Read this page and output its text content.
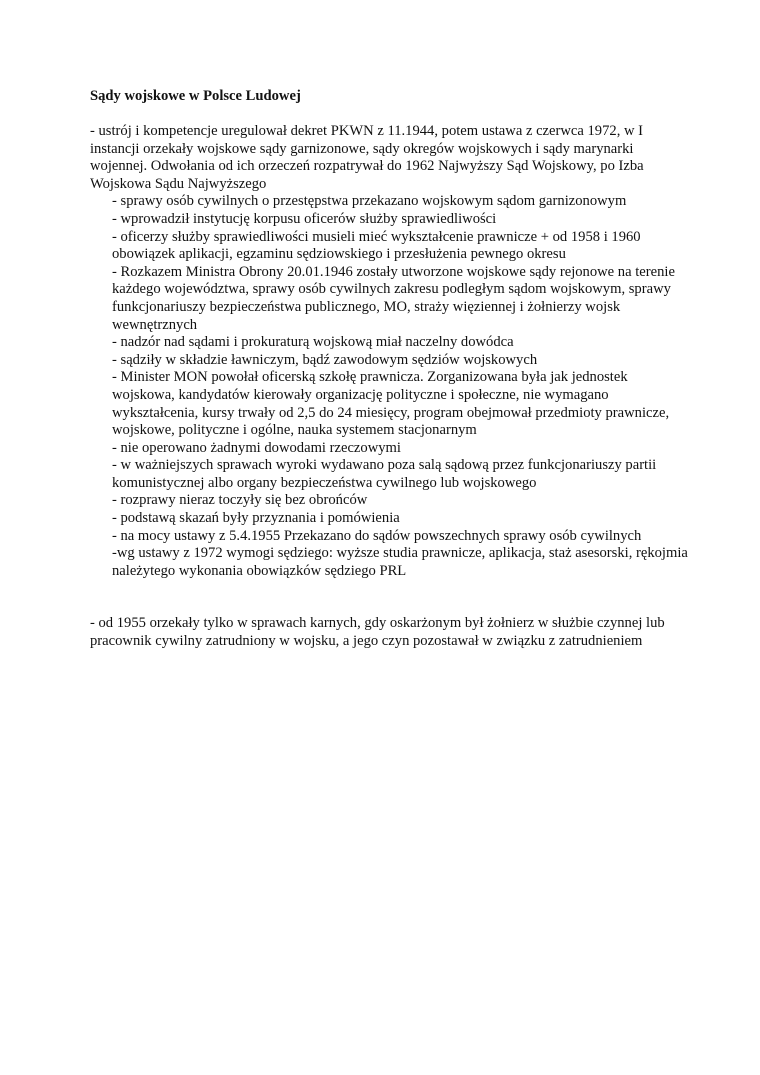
Sądy wojskowe w Polsce Ludowej

- ustrój i kompetencje uregulował dekret PKWN z 11.1944, potem ustawa z czerwca 1972, w I instancji orzekały wojskowe sądy garnizonowe, sądy okregów wojskowych i sądy marynarki wojennej. Odwołania od ich orzeczeń rozpatrywał do 1962 Najwyższy Sąd Wojskowy, po Izba Wojskowa Sądu Najwyższego

- sprawy osób cywilnych o przestępstwa przekazano wojskowym sądom garnizonowym
- wprowadził instytucję korpusu oficerów służby sprawiedliwości
- oficerzy służby sprawiedliwości musieli mieć wykształcenie prawnicze + od 1958 i 1960 obowiązek aplikacji, egzaminu sędziowskiego i przesłużenia pewnego okresu
- Rozkazem Ministra Obrony 20.01.1946 zostały utworzone wojskowe sądy rejonowe na terenie każdego województwa, sprawy osób cywilnych zakresu podległym sądom wojskowym, sprawy funkcjonariuszy bezpieczeństwa publicznego, MO, straży więziennej i żołnierzy wojsk wewnętrznych
- nadzór nad sądami i prokuraturą wojskową miał naczelny dowódca
- sądziły w składzie ławniczym, bądź zawodowym sędziów wojskowych
- Minister MON powołał oficerską szkołę prawnicza. Zorganizowana była jak jednostek wojskowa, kandydatów kierowały organizację polityczne i społeczne, nie wymagano wykształcenia, kursy trwały od 2,5 do 24 miesięcy, program obejmował przedmioty prawnicze, wojskowe, polityczne i ogólne, nauka systemem stacjonarnym
- nie operowano żadnymi dowodami rzeczowymi
- w ważniejszych sprawach wyroki wydawano poza salą sądową przez funkcjonariuszy partii komunistycznej albo organy bezpieczeństwa cywilnego lub wojskowego
- rozprawy nieraz toczyły się bez obrońców
- podstawą skazań były przyznania i pomówienia
- na mocy ustawy z 5.4.1955 Przekazano do sądów powszechnych sprawy osób cywilnych
-wg ustawy z 1972 wymogi sędziego: wyższe studia prawnicze, aplikacja, staż asesorski, rękojmia należytego wykonania obowiązków sędziego PRL

- od 1955 orzekały tylko w sprawach karnych, gdy oskarżonym był żołnierz w służbie czynnej lub pracownik cywilny zatrudniony w wojsku, a jego czyn pozostawał w związku z zatrudnieniem
